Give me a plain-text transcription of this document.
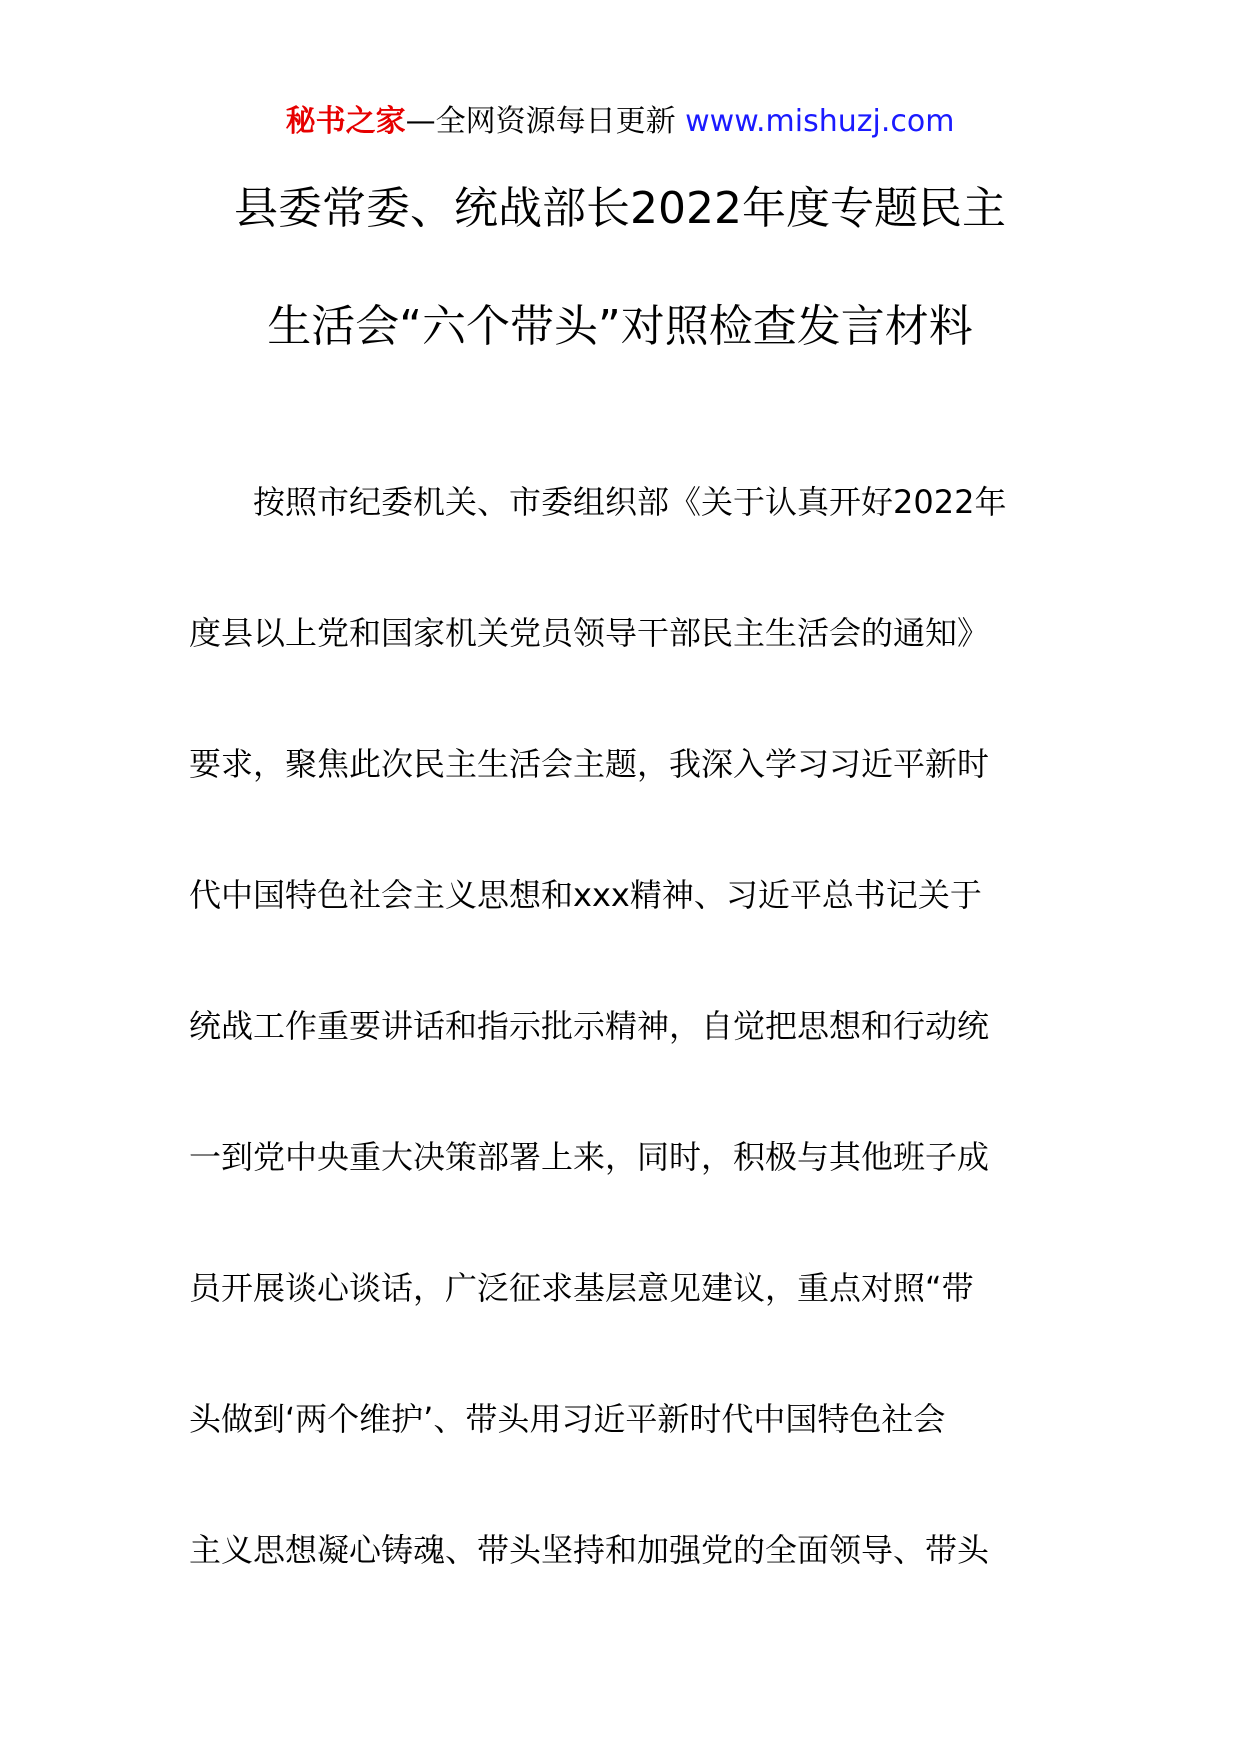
秘书之家—全网资源每日更新 www.mishuzj.com
县委常委、统战部长2022年度专题民主
生活会“六个带头”对照检查发言材料
按照市纪委机关、市委组织部《关于认真开好2022年
度县以上党和国家机关党员领导干部民主生活会的通知》
要求，聚焦此次民主生活会主题，我深入学习习近平新时
代中国特色社会主义思想和xxx精神、习近平总书记关于
统战工作重要讲话和指示批示精神，自觉把思想和行动统
一到党中央重大决策部署上来，同时，积极与其他班子成
员开展谈心谈话，广泛征求基层意见建议，重点对照“带
头做到‘两个维护’、带头用习近平新时代中国特色社会
主义思想凝心铸魂、带头坚持和加强党的全面领导、带头
